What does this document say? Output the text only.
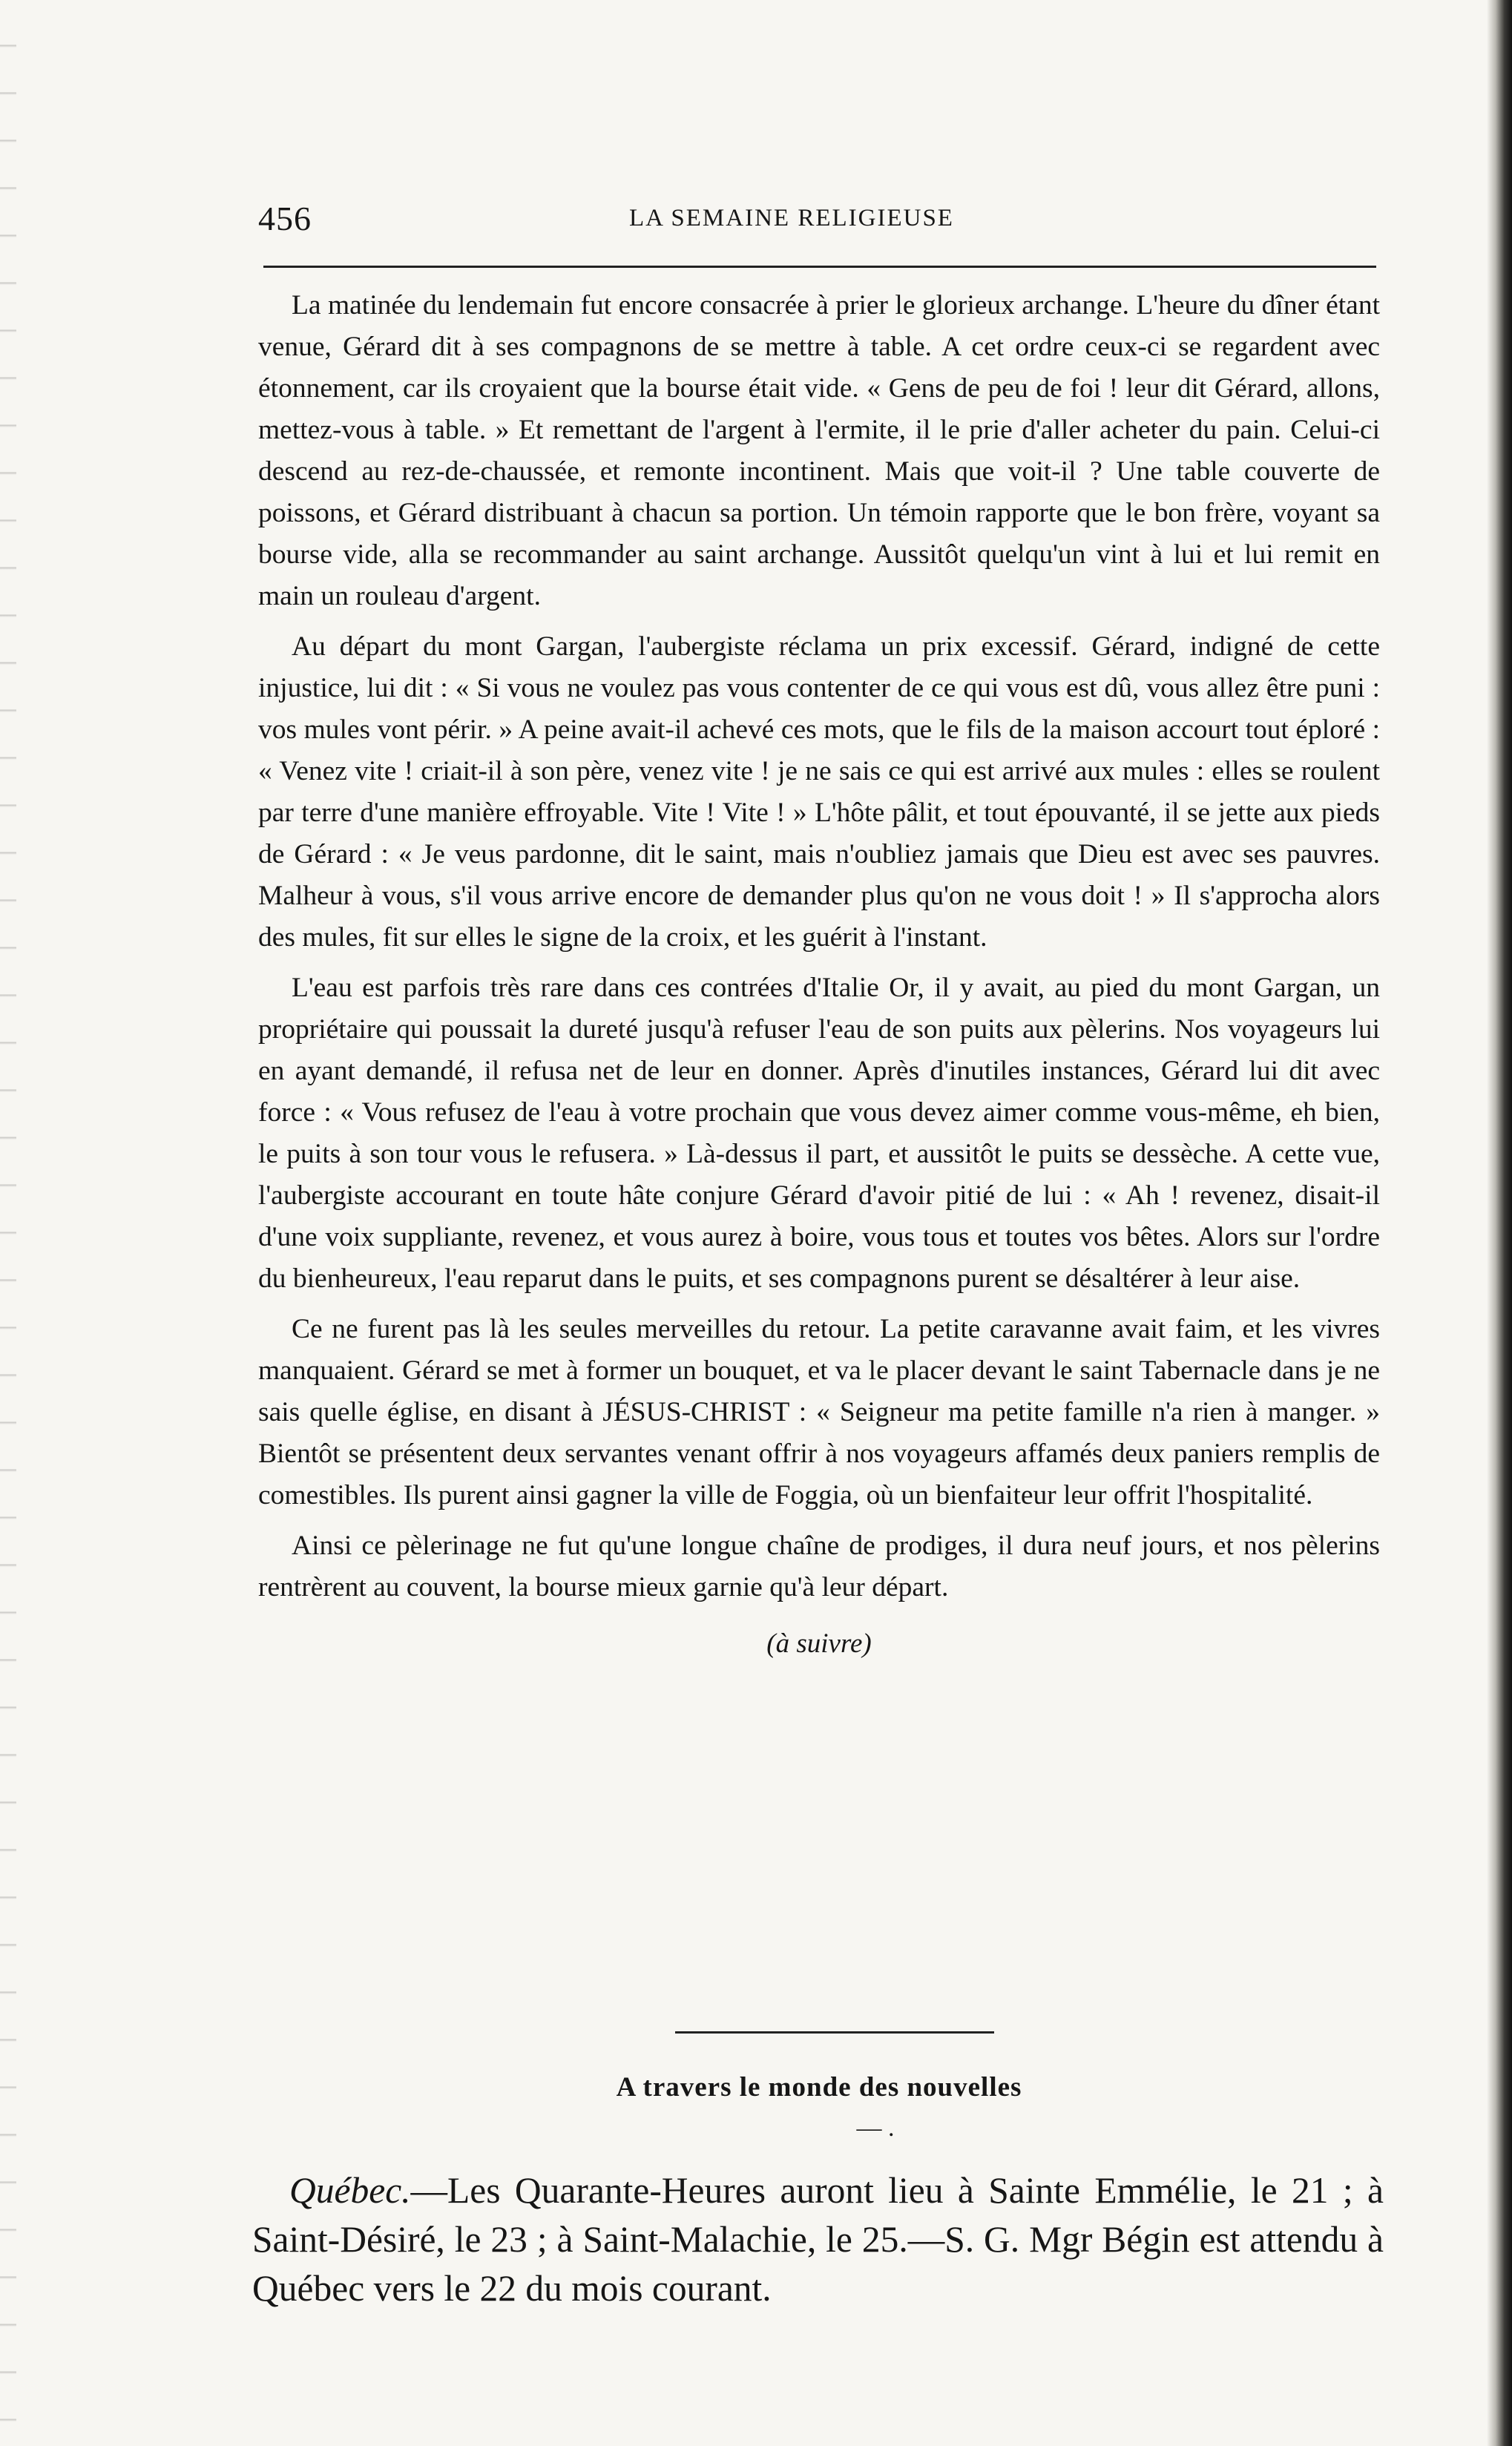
456	LA SEMAINE RELIGIEUSE

La matinée du lendemain fut encore consacrée à prier le glorieux archange. L'heure du dîner étant venue, Gérard dit à ses compagnons de se mettre à table. A cet ordre ceux-ci se regardent avec étonnement, car ils croyaient que la bourse était vide. « Gens de peu de foi ! leur dit Gérard, allons, mettez-vous à table. » Et remettant de l'argent à l'ermite, il le prie d'aller acheter du pain. Celui-ci descend au rez-de-chaussée, et remonte incontinent. Mais que voit-il ? Une table couverte de poissons, et Gérard distribuant à chacun sa portion. Un témoin rapporte que le bon frère, voyant sa bourse vide, alla se recommander au saint archange. Aussitôt quelqu'un vint à lui et lui remit en main un rouleau d'argent.

Au départ du mont Gargan, l'aubergiste réclama un prix excessif. Gérard, indigné de cette injustice, lui dit : « Si vous ne voulez pas vous contenter de ce qui vous est dû, vous allez être puni : vos mules vont périr. » A peine avait-il achevé ces mots, que le fils de la maison accourt tout éploré : « Venez vite ! criait-il à son père, venez vite ! je ne sais ce qui est arrivé aux mules : elles se roulent par terre d'une manière effroyable. Vite ! Vite ! » L'hôte pâlit, et tout épouvanté, il se jette aux pieds de Gérard : « Je veus pardonne, dit le saint, mais n'oubliez jamais que Dieu est avec ses pauvres. Malheur à vous, s'il vous arrive encore de demander plus qu'on ne vous doit ! » Il s'approcha alors des mules, fit sur elles le signe de la croix, et les guérit à l'instant.

L'eau est parfois très rare dans ces contrées d'Italie Or, il y avait, au pied du mont Gargan, un propriétaire qui poussait la dureté jusqu'à refuser l'eau de son puits aux pèlerins. Nos voyageurs lui en ayant demandé, il refusa net de leur en donner. Après d'inutiles instances, Gérard lui dit avec force : « Vous refusez de l'eau à votre prochain que vous devez aimer comme vous-même, eh bien, le puits à son tour vous le refusera. » Là-dessus il part, et aussitôt le puits se dessèche. A cette vue, l'aubergiste accourant en toute hâte conjure Gérard d'avoir pitié de lui : « Ah ! revenez, disait-il d'une voix suppliante, revenez, et vous aurez à boire, vous tous et toutes vos bêtes. Alors sur l'ordre du bienheureux, l'eau reparut dans le puits, et ses compagnons purent se désaltérer à leur aise.

Ce ne furent pas là les seules merveilles du retour. La petite caravanne avait faim, et les vivres manquaient. Gérard se met à former un bouquet, et va le placer devant le saint Tabernacle dans je ne sais quelle église, en disant à JÉSUS-CHRIST : « Seigneur ma petite famille n'a rien à manger. » Bientôt se présentent deux servantes venant offrir à nos voyageurs affamés deux paniers remplis de comestibles. Ils purent ainsi gagner la ville de Foggia, où un bienfaiteur leur offrit l'hospitalité.

Ainsi ce pèlerinage ne fut qu'une longue chaîne de prodiges, il dura neuf jours, et nos pèlerins rentrèrent au couvent, la bourse mieux garnie qu'à leur départ.

(à suivre)
A travers le monde des nouvelles
— .

Québec.—Les Quarante-Heures auront lieu à Sainte Emmélie, le 21 ; à Saint-Désiré, le 23 ; à Saint-Malachie, le 25.—S. G. Mgr Bégin est attendu à Québec vers le 22 du mois courant.
